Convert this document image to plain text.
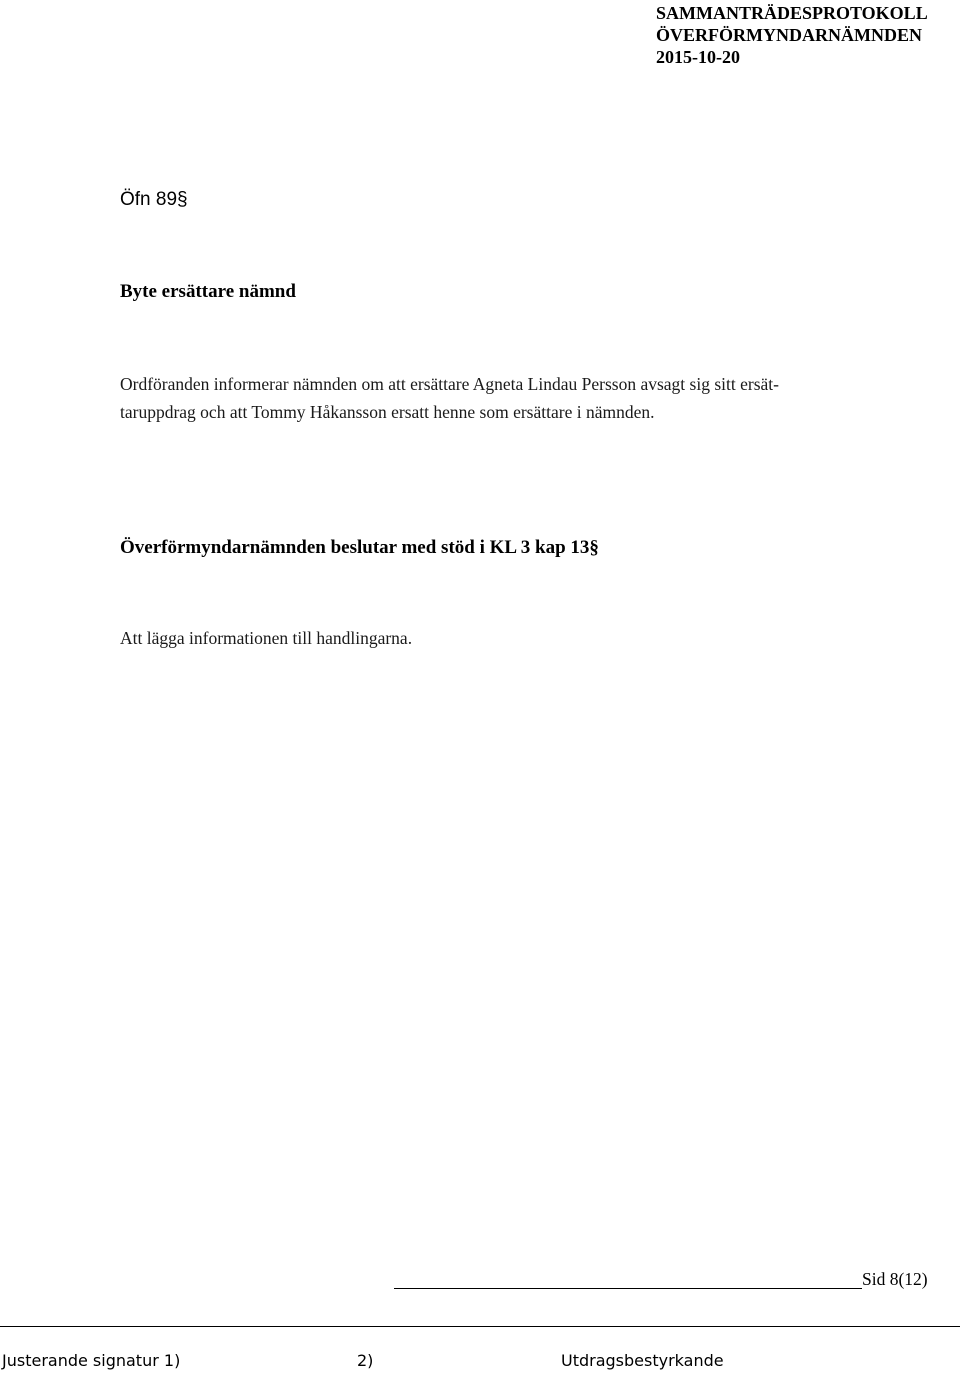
SAMMANTRÄDESPROTOKOLL
ÖVERFÖRMYNDARNÄMNDEN
2015-10-20
Öfn 89§
Byte ersättare nämnd
Ordföranden informerar nämnden om att ersättare Agneta Lindau Persson avsagt sig sitt ersät-
taruppdrag och att Tommy Håkansson ersatt henne som ersättare i nämnden.
Överförmyndarnämnden beslutar med stöd i KL 3 kap 13§
Att lägga informationen till handlingarna.
Sid 8(12)
Justerande signatur 1)	2)	Utdragsbestyrkande
